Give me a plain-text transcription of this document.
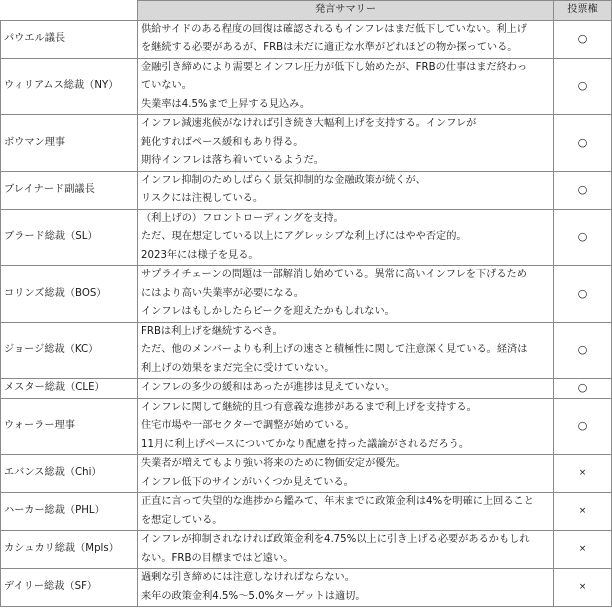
	発言サマリー	投票権
パウエル議長	供給サイドのある程度の回復は確認されるもインフレはまだ低下していない。利上げ
を継続する必要があるが、FRBは未だに適正な水準がどれほどの物か探っている。	○
ウィリアムス総裁（NY）	金融引き締めにより需要とインフレ圧力が低下し始めたが、FRBの仕事はまだ終わっ
ていない。
失業率は4.5%まで上昇する見込み。	○
ボウマン理事	インフレ減速兆候がなければ引き続き大幅利上げを支持する。インフレが
鈍化すればペース緩和もあり得る。
期待インフレは落ち着いているようだ。	○
ブレイナード副議長	インフレ抑制のためしばらく景気抑制的な金融政策が続くが、
リスクには注視している。	○
ブラード総裁（SL）	（利上げの）フロントローディングを支持。
ただ、現在想定している以上にアグレッシブな利上げにはやや否定的。
2023年には様子を見る。	○
コリンズ総裁（BOS）	サプライチェーンの問題は一部解消し始めている。異常に高いインフレを下げるため
にはより高い失業率が必要になる。
インフレはもしかしたらピークを迎えたかもしれない。	○
ジョージ総裁（KC）	FRBは利上げを継続するべき。
ただ、他のメンバーよりも利上げの速さと積極性に関して注意深く見ている。経済は
利上げの効果をまだ完全に受けていない。	○
メスター総裁（CLE）	インフレの多少の緩和はあったが進捗は見えていない。	○
ウォーラー理事	インフレに関して継続的且つ有意義な進捗があるまで利上げを支持する。
住宅市場や一部セクターで調整が始めている。
11月に利上げペースについてかなり配慮を持った議論がされるだろう。	○
エバンス総裁（Chi）	失業者が増えてもより強い将来のために物価安定が優先。
インフレ低下のサインがいくつか見えている。	×
ハーカー総裁（PHL）	正直に言って失望的な進捗から鑑みて、年末までに政策金利は4%を明確に上回ること
を想定している。	×
カシュカリ総裁（Mpls）	インフレが抑制されなければ政策金利を4.75%以上に引き上げる必要があるかもしれ
ない。FRBの目標まではど遠い。	×
デイリー総裁（SF）	過剰な引き締めには注意しなければならない。
来年の政策金利4.5%～5.0%ターゲットは適切。	×
